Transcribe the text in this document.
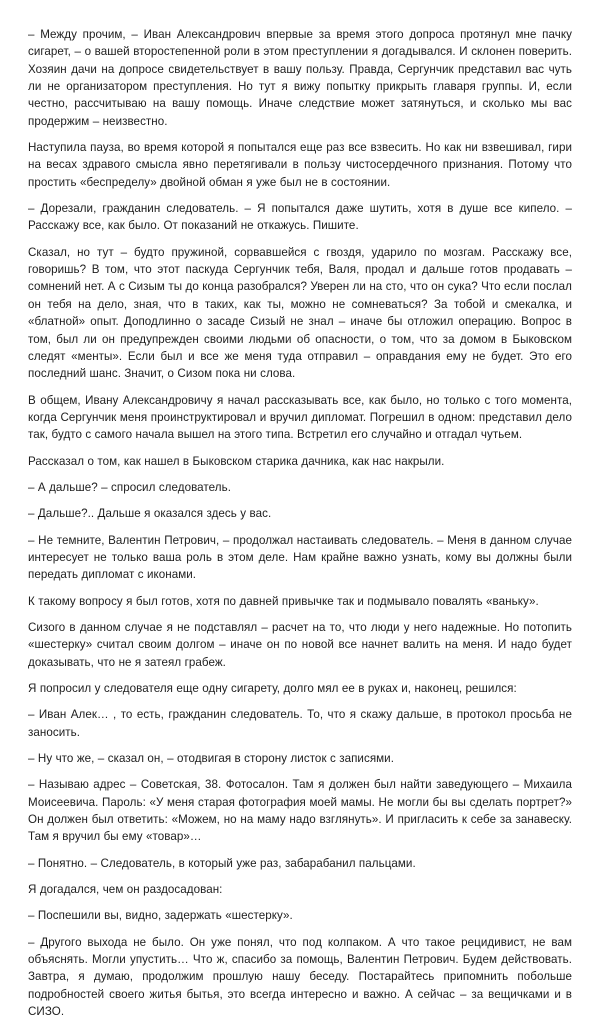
– Между прочим, – Иван Александрович впервые за время этого допроса протянул мне пачку сигарет, – о вашей второстепенной роли в этом преступлении я догадывался. И склонен поверить. Хозяин дачи на допросе свидетельствует в вашу пользу. Правда, Сергунчик представил вас чуть ли не организатором преступления. Но тут я вижу попытку прикрыть главаря группы. И, если честно, рассчитываю на вашу помощь. Иначе следствие может затянуться, и сколько мы вас продержим – неизвестно.

Наступила пауза, во время которой я попытался еще раз все взвесить. Но как ни взвешивал, гири на весах здравого смысла явно перетягивали в пользу чистосердечного признания. Потому что простить «беспределу» двойной обман я уже был не в состоянии.

– Дорезали, гражданин следователь. – Я попытался даже шутить, хотя в душе все кипело. – Расскажу все, как было. От показаний не откажусь. Пишите.

Сказал, но тут – будто пружиной, сорвавшейся с гвоздя, ударило по мозгам. Расскажу все, говоришь? В том, что этот паскуда Сергунчик тебя, Валя, продал и дальше готов продавать – сомнений нет. А с Сизым ты до конца разобрался? Уверен ли на сто, что он сука? Что если послал он тебя на дело, зная, что в таких, как ты, можно не сомневаться? За тобой и смекалка, и «блатной» опыт. Доподлинно о засаде Сизый не знал – иначе бы отложил операцию. Вопрос в том, был ли он предупрежден своими людьми об опасности, о том, что за домом в Быковском следят «менты». Если был и все же меня туда отправил – оправдания ему не будет. Это его последний шанс. Значит, о Сизом пока ни слова.

В общем, Ивану Александровичу я начал рассказывать все, как было, но только с того момента, когда Сергунчик меня проинструктировал и вручил дипломат. Погрешил в одном: представил дело так, будто с самого начала вышел на этого типа. Встретил его случайно и отгадал чутьем.

Рассказал о том, как нашел в Быковском старика дачника, как нас накрыли.

– А дальше? – спросил следователь.

– Дальше?.. Дальше я оказался здесь у вас.

– Не темните, Валентин Петрович, – продолжал настаивать следователь. – Меня в данном случае интересует не только ваша роль в этом деле. Нам крайне важно узнать, кому вы должны были передать дипломат с иконами.

К такому вопросу я был готов, хотя по давней привычке так и подмывало повалять «ваньку».

Сизого в данном случае я не подставлял – расчет на то, что люди у него надежные. Но потопить «шестерку» считал своим долгом – иначе он по новой все начнет валить на меня. И надо будет доказывать, что не я затеял грабеж.

Я попросил у следователя еще одну сигарету, долго мял ее в руках и, наконец, решился:

– Иван Алек… , то есть, гражданин следователь. То, что я скажу дальше, в протокол просьба не заносить.

– Ну что же, – сказал он, – отодвигая в сторону листок с записями.

– Называю адрес – Советская, 38. Фотосалон. Там я должен был найти заведующего – Михаила Моисеевича. Пароль: «У меня старая фотография моей мамы. Не могли бы вы сделать портрет?» Он должен был ответить: «Можем, но на маму надо взглянуть». И пригласить к себе за занавеску. Там я вручил бы ему «товар»…

– Понятно. – Следователь, в который уже раз, забарабанил пальцами.

Я догадался, чем он раздосадован:

– Поспешили вы, видно, задержать «шестерку».

– Другого выхода не было. Он уже понял, что под колпаком. А что такое рецидивист, не вам объяснять. Могли упустить… Что ж, спасибо за помощь, Валентин Петрович. Будем действовать. Завтра, я думаю, продолжим прошлую нашу беседу. Постарайтесь припомнить побольше подробностей своего житья бытья, это всегда интересно и важно. А сейчас – за вещичками и в СИЗО.
